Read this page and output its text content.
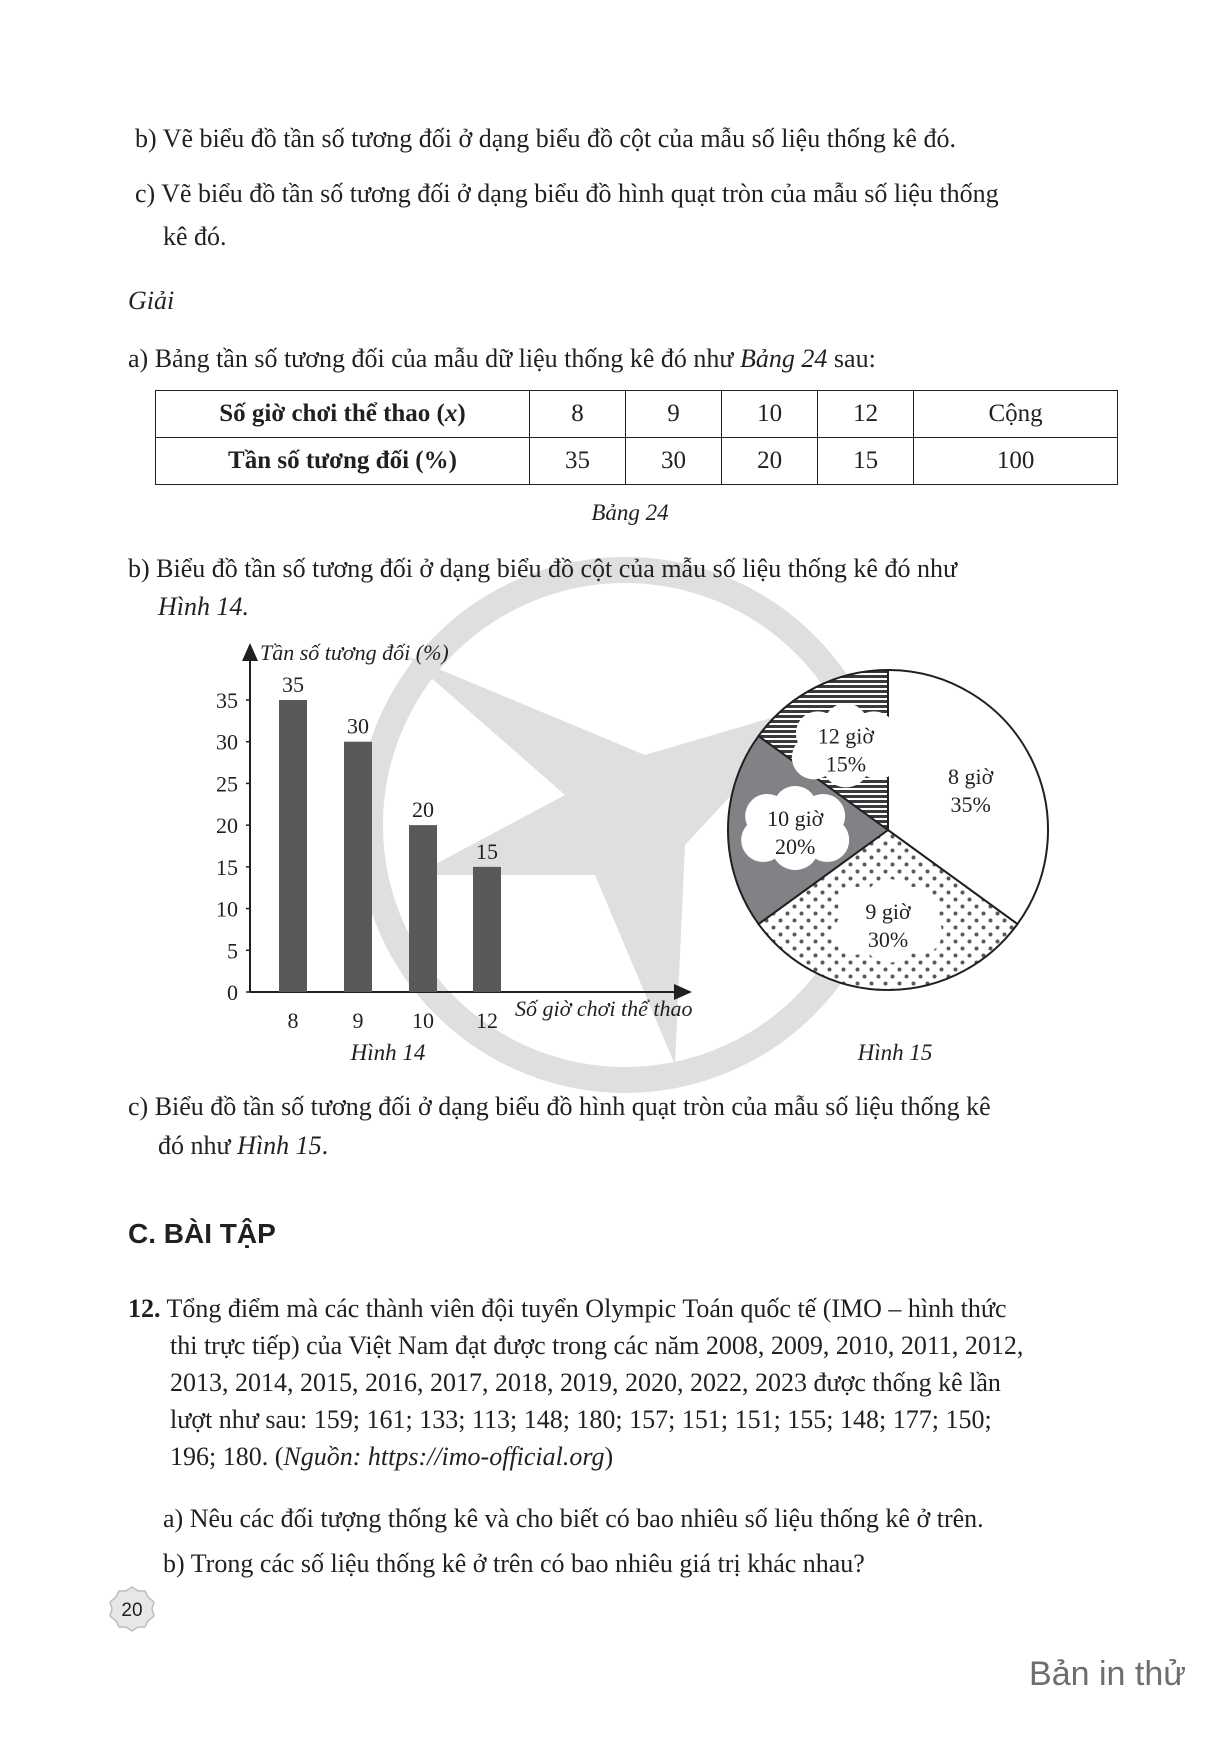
b) Vẽ biểu đồ tần số tương đối ở dạng biểu đồ cột của mẫu số liệu thống kê đó.
c) Vẽ biểu đồ tần số tương đối ở dạng biểu đồ hình quạt tròn của mẫu số liệu thống
kê đó.
Giải
a) Bảng tần số tương đối của mẫu dữ liệu thống kê đó như Bảng 24 sau:
Số giờ chơi thể thao (x)	8	9	10	12	Cộng
Tần số tương đối (%)	35	30	20	15	100
Bảng 24
b) Biểu đồ tần số tương đối ở dạng biểu đồ cột của mẫu số liệu thống kê đó như
Hình 14.
0
5
10
15
20
25
30
35
Tần số tương đối (%)
35
8
30
9
20
10
15
12 Số giờ chơi thể thao
Hình 14
8 giờ
35%
9 giờ
30%
10 giờ
20%
12 giờ
15%
Hình 15
c) Biểu đồ tần số tương đối ở dạng biểu đồ hình quạt tròn của mẫu số liệu thống kê
đó như Hình 15.
C. BÀI TẬP
12. Tổng điểm mà các thành viên đội tuyển Olympic Toán quốc tế (IMO – hình thức
thi trực tiếp) của Việt Nam đạt được trong các năm 2008, 2009, 2010, 2011, 2012,
2013, 2014, 2015, 2016, 2017, 2018, 2019, 2020, 2022, 2023 được thống kê lần
lượt như sau: 159; 161; 133; 113; 148; 180; 157; 151; 151; 155; 148; 177; 150;
196; 180. (Nguồn: https://imo-official.org)
a) Nêu các đối tượng thống kê và cho biết có bao nhiêu số liệu thống kê ở trên.
b) Trong các số liệu thống kê ở trên có bao nhiêu giá trị khác nhau?
20
Bản in thử
